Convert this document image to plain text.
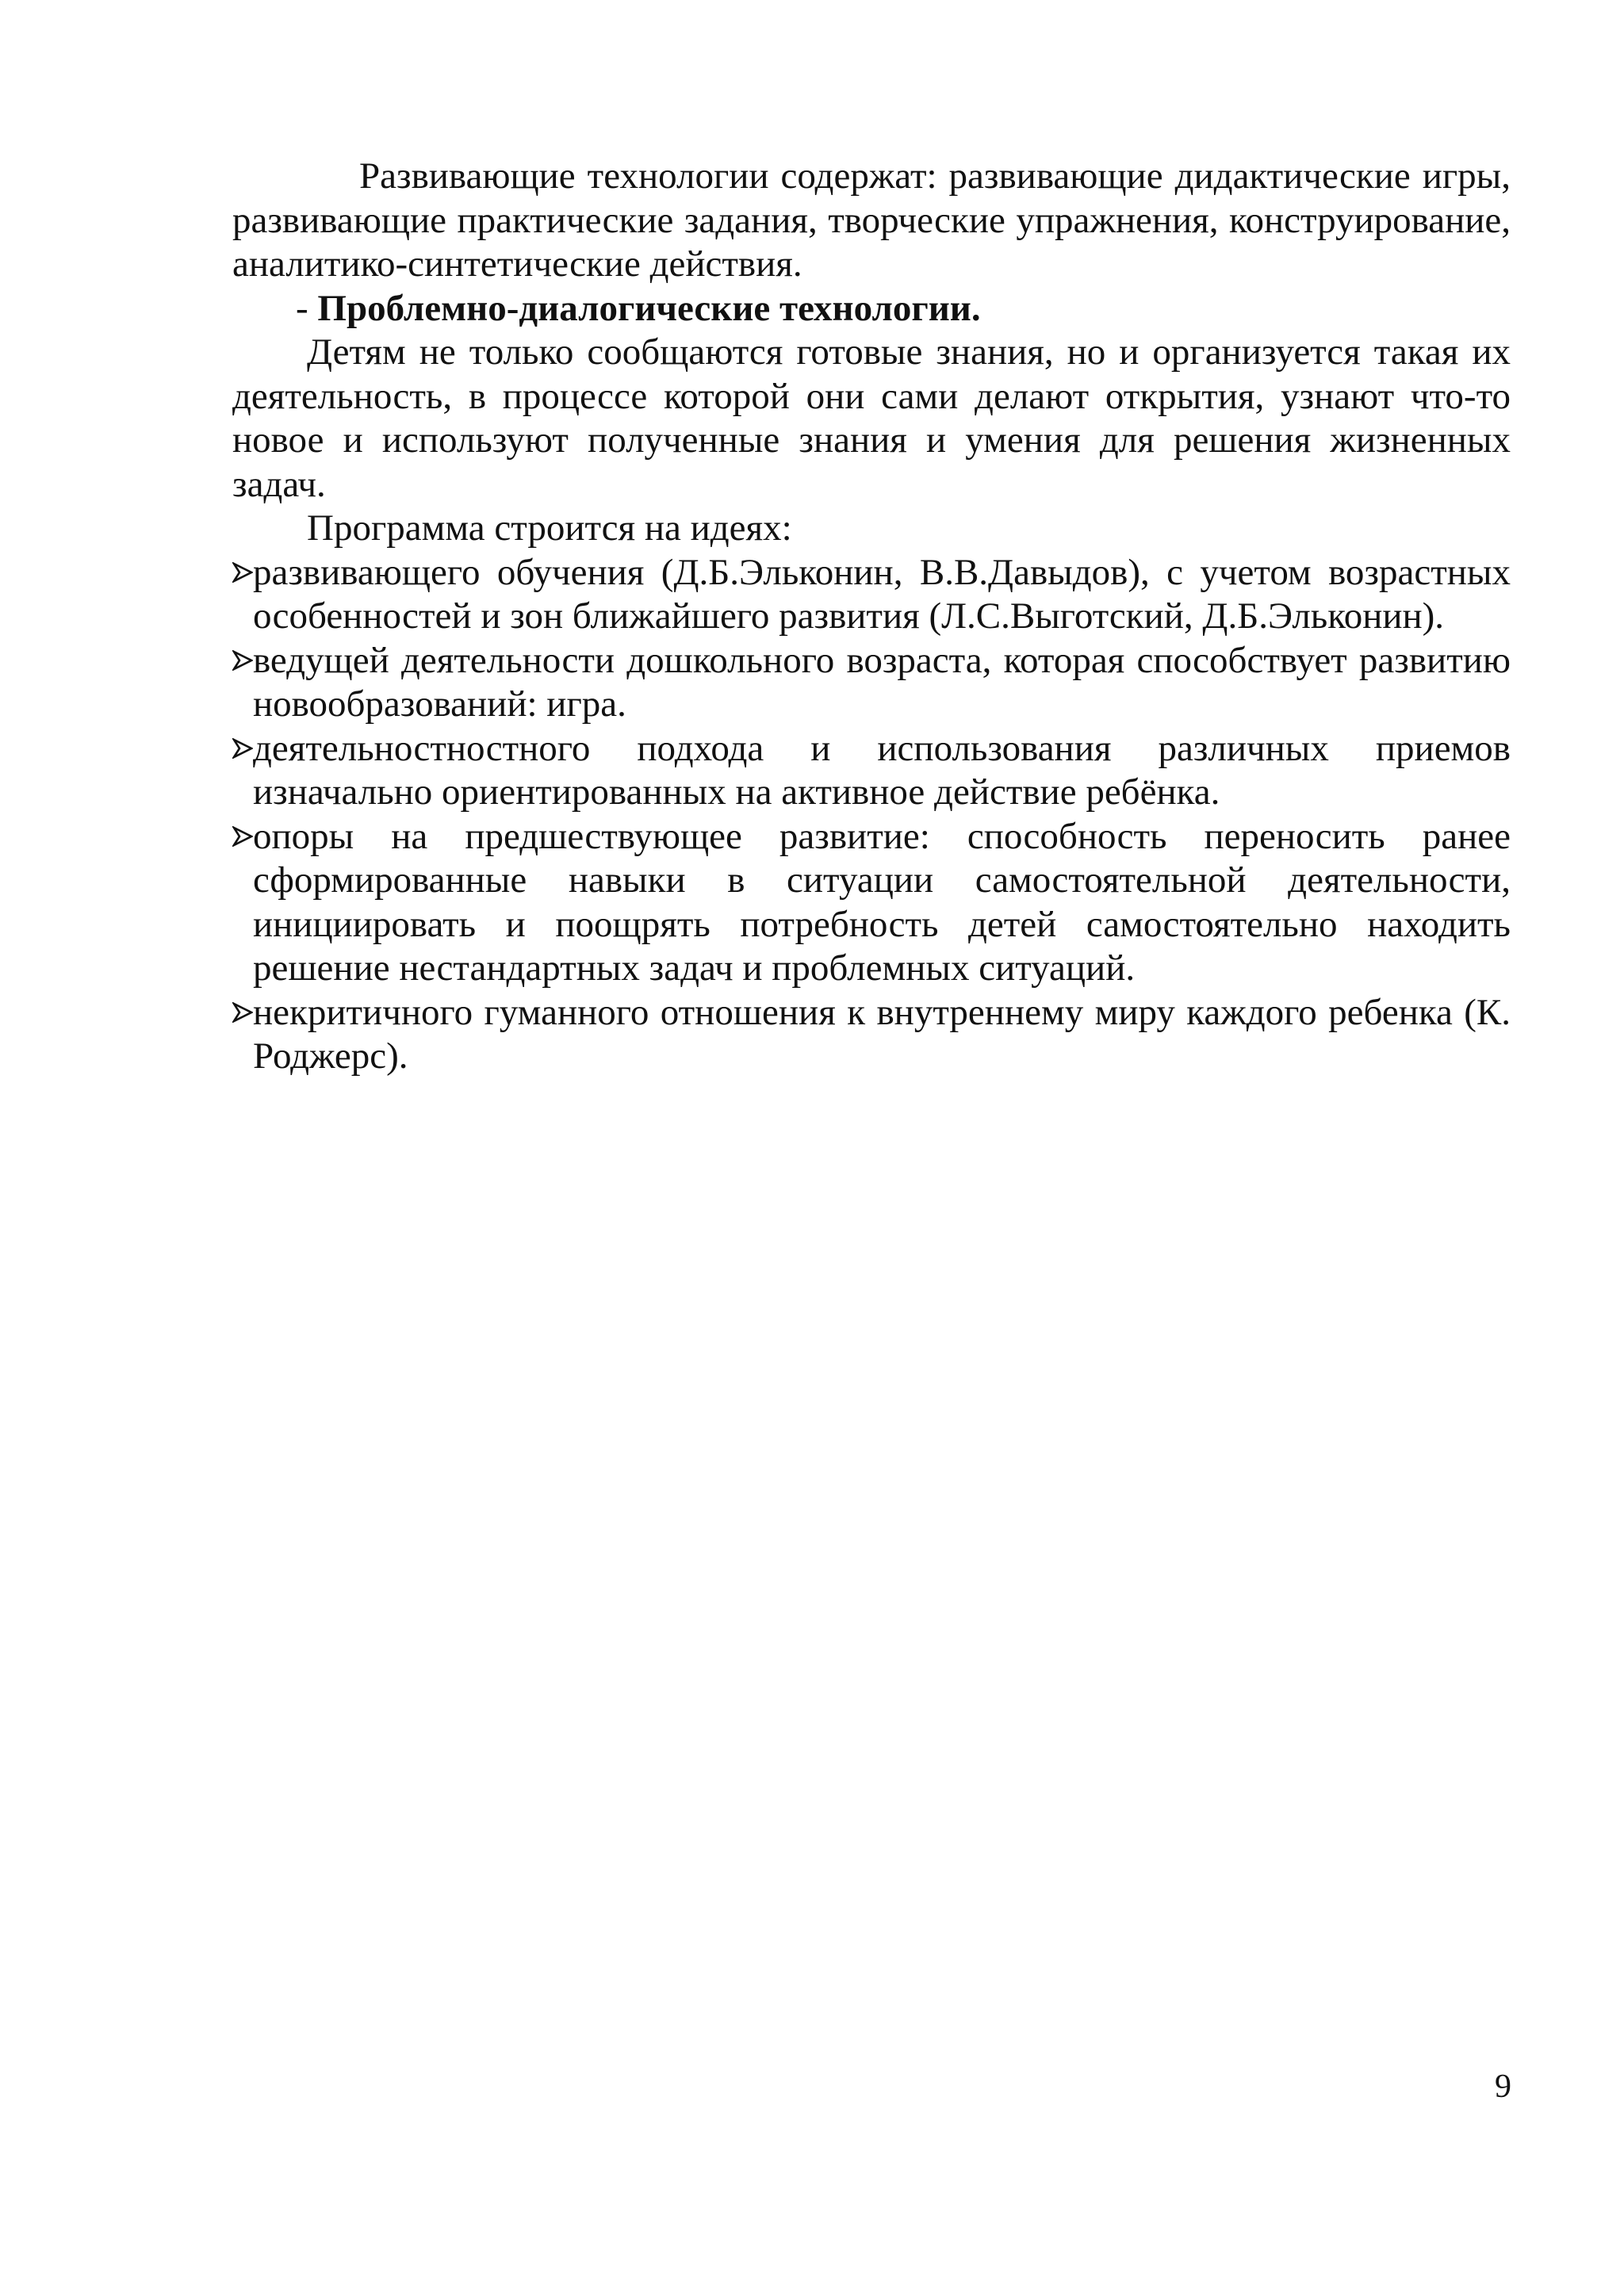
Развивающие технологии содержат: развивающие дидактические игры, развивающие практические задания, творческие упражнения, конструирование, аналитико-синтетические действия.

- Проблемно-диалогические технологии.

Детям не только сообщаются готовые знания, но и организуется такая их деятельность, в процессе которой они сами делают открытия, узнают что-то новое и используют полученные знания и умения для решения жизненных задач.

Программа строится на идеях:

развивающего обучения (Д.Б.Эльконин, В.В.Давыдов), с учетом возрастных особенностей и зон ближайшего развития (Л.С.Выготский, Д.Б.Эльконин).
ведущей деятельности дошкольного возраста, которая способствует развитию новообразований: игра.
деятельностностного подхода и использования различных приемов изначально ориентированных на активное действие ребёнка.
опоры на предшествующее развитие: способность переносить ранее сформированные навыки в ситуации самостоятельной деятельности, инициировать и поощрять потребность детей самостоятельно находить решение нестандартных задач и проблемных ситуаций.
некритичного гуманного отношения к внутреннему миру каждого ребенка (К. Роджерс).
9
